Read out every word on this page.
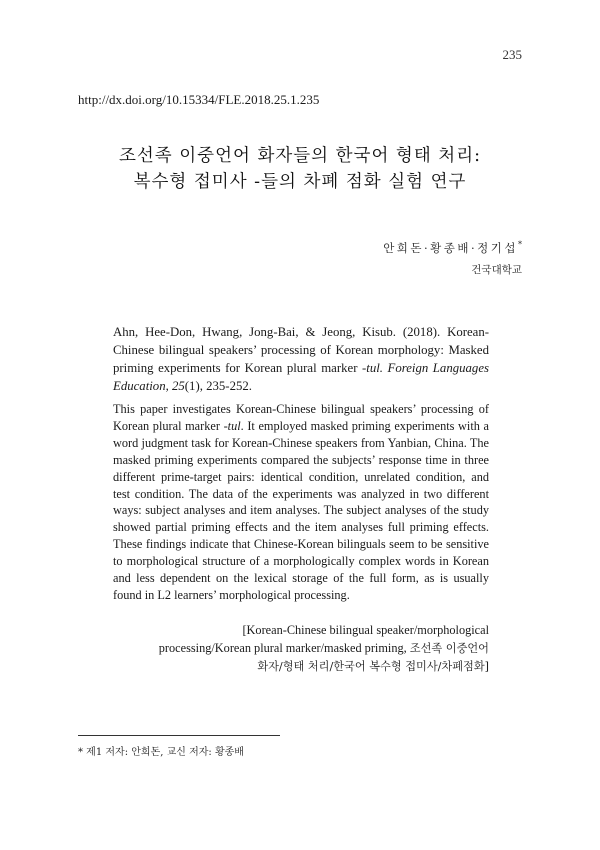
235
http://dx.doi.org/10.15334/FLE.2018.25.1.235
조선족 이중언어 화자들의 한국어 형태 처리:
복수형 접미사 -들의 차폐 점화 실험 연구
안희돈·황종배·정기섭*
건국대학교
Ahn, Hee-Don, Hwang, Jong-Bai, & Jeong, Kisub. (2018). Korean-Chinese bilingual speakers’ processing of Korean morphology: Masked priming experiments for Korean plural marker -tul. Foreign Languages Education, 25(1), 235-252.
This paper investigates Korean-Chinese bilingual speakers’ processing of Korean plural marker -tul. It employed masked priming experiments with a word judgment task for Korean-Chinese speakers from Yanbian, China. The masked priming experiments compared the subjects’ response time in three different prime-target pairs: identical condition, unrelated condition, and test condition. The data of the experiments was analyzed in two different ways: subject analyses and item analyses. The subject analyses of the study showed partial priming effects and the item analyses full priming effects. These findings indicate that Chinese-Korean bilinguals seem to be sensitive to morphological structure of a morphologically complex words in Korean and less dependent on the lexical storage of the full form, as is usually found in L2 learners’ morphological processing.
[Korean-Chinese bilingual speaker/morphological
processing/Korean plural marker/masked priming, 조선족 이중언어
화자/형태 처리/한국어 복수형 접미사/차폐점화]
* 제1 저자: 안희돈, 교신 저자: 황종배
